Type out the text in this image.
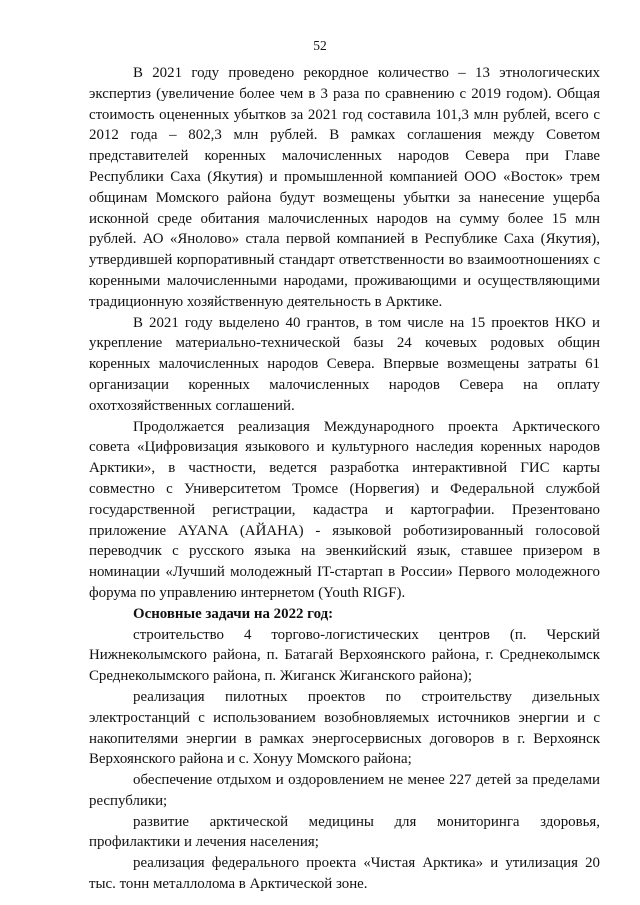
52

В 2021 году проведено рекордное количество – 13 этнологических экспертиз (увеличение более чем в 3 раза по сравнению с 2019 годом). Общая стоимость оцененных убытков за 2021 год составила 101,3 млн рублей, всего с 2012 года – 802,3 млн рублей. В рамках соглашения между Советом представителей коренных малочисленных народов Севера при Главе Республики Саха (Якутия) и промышленной компанией ООО «Восток» трем общинам Момского района будут возмещены убытки за нанесение ущерба исконной среде обитания малочисленных народов на сумму более 15 млн рублей. АО «Янолово» стала первой компанией в Республике Саха (Якутия), утвердившей корпоративный стандарт ответственности во взаимоотношениях с коренными малочисленными народами, проживающими и осуществляющими традиционную хозяйственную деятельность в Арктике.

В 2021 году выделено 40 грантов, в том числе на 15 проектов НКО и укрепление материально-технической базы 24 кочевых родовых общин коренных малочисленных народов Севера. Впервые возмещены затраты 61 организации коренных малочисленных народов Севера на оплату охотхозяйственных соглашений.

Продолжается реализация Международного проекта Арктического совета «Цифровизация языкового и культурного наследия коренных народов Арктики», в частности, ведется разработка интерактивной ГИС карты совместно с Университетом Тромсе (Норвегия) и Федеральной службой государственной регистрации, кадастра и картографии. Презентовано приложение AYANA (АЙАНА) - языковой роботизированный голосовой переводчик с русского языка на эвенкийский язык, ставшее призером в номинации «Лучший молодежный IT-стартап в России» Первого молодежного форума по управлению интернетом (Youth RIGF).

Основные задачи на 2022 год:

строительство 4 торгово-логистических центров (п. Черский Нижнеколымского района, п. Батагай Верхоянского района, г. Среднеколымск Среднеколымского района, п. Жиганск Жиганского района);

реализация пилотных проектов по строительству дизельных электростанций с использованием возобновляемых источников энергии и с накопителями энергии в рамках энергосервисных договоров в г. Верхоянск Верхоянского района и с. Хонуу Момского района;

обеспечение отдыхом и оздоровлением не менее 227 детей за пределами республики;

развитие арктической медицины для мониторинга здоровья, профилактики и лечения населения;

реализация федерального проекта «Чистая Арктика» и утилизация 20 тыс. тонн металлолома в Арктической зоне.
